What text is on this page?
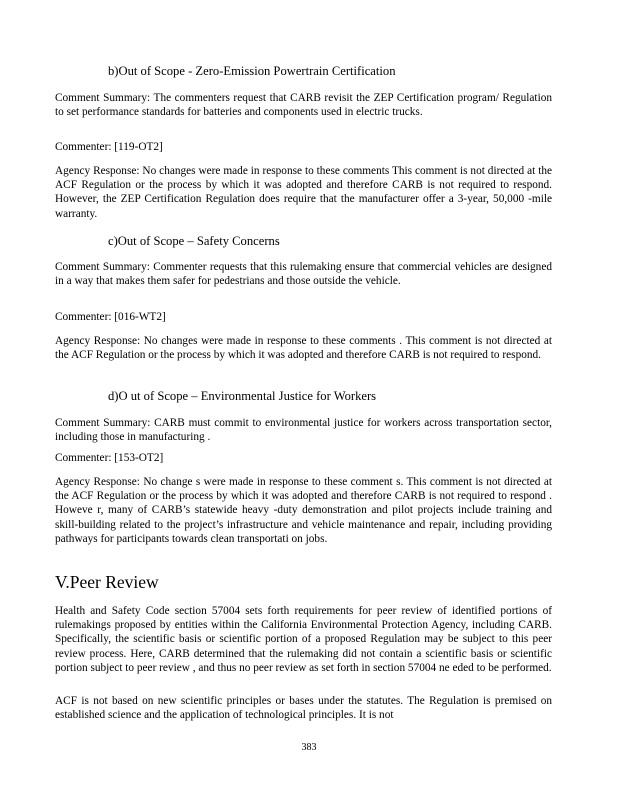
b)Out of Scope - Zero-Emission Powertrain Certification

Comment Summary: The commenters request that CARB revisit the ZEP Certification program/ Regulation to set performance standards for batteries and components used in electric trucks.

Commenter: [119-OT2]

Agency Response: No changes were made in response to these comments This comment is not directed at the ACF Regulation or the process by which it was adopted and therefore CARB is not required to respond. However, the ZEP Certification Regulation does require that the manufacturer offer a 3-year, 50,000 -mile warranty.

c)Out of Scope – Safety Concerns

Comment Summary: Commenter requests that this rulemaking ensure that commercial vehicles are designed in a way that makes them safer for pedestrians and those outside the vehicle.

Commenter: [016-WT2]

Agency Response: No changes were made in response to these comments . This comment is not directed at the ACF Regulation or the process by which it was adopted and therefore CARB is not required to respond.

d)O ut of Scope – Environmental Justice for Workers

Comment Summary: CARB must commit to environmental justice for workers across transportation sector, including those in manufacturing .

Commenter: [153-OT2]

Agency Response: No change s were made in response to these comment s. This comment is not directed at the ACF Regulation or the process by which it was adopted and therefore CARB is not required to respond . Howeve r, many of CARB’s statewide heavy -duty demonstration and pilot projects include training and skill-building related to the project’s infrastructure and vehicle maintenance and repair, including providing pathways for participants towards clean transportati on jobs.

V.Peer Review

Health and Safety Code section 57004 sets forth requirements for peer review of identified portions of rulemakings proposed by entities within the California Environmental Protection Agency, including CARB. Specifically, the scientific basis or scientific portion of a proposed Regulation may be subject to this peer review process. Here, CARB determined that the rulemaking did not contain a scientific basis or scientific portion subject to peer review , and thus no peer review as set forth in section 57004 ne eded to be performed.

ACF is not based on new scientific principles or bases under the statutes. The Regulation is premised on established science and the application of technological principles. It is not

383
